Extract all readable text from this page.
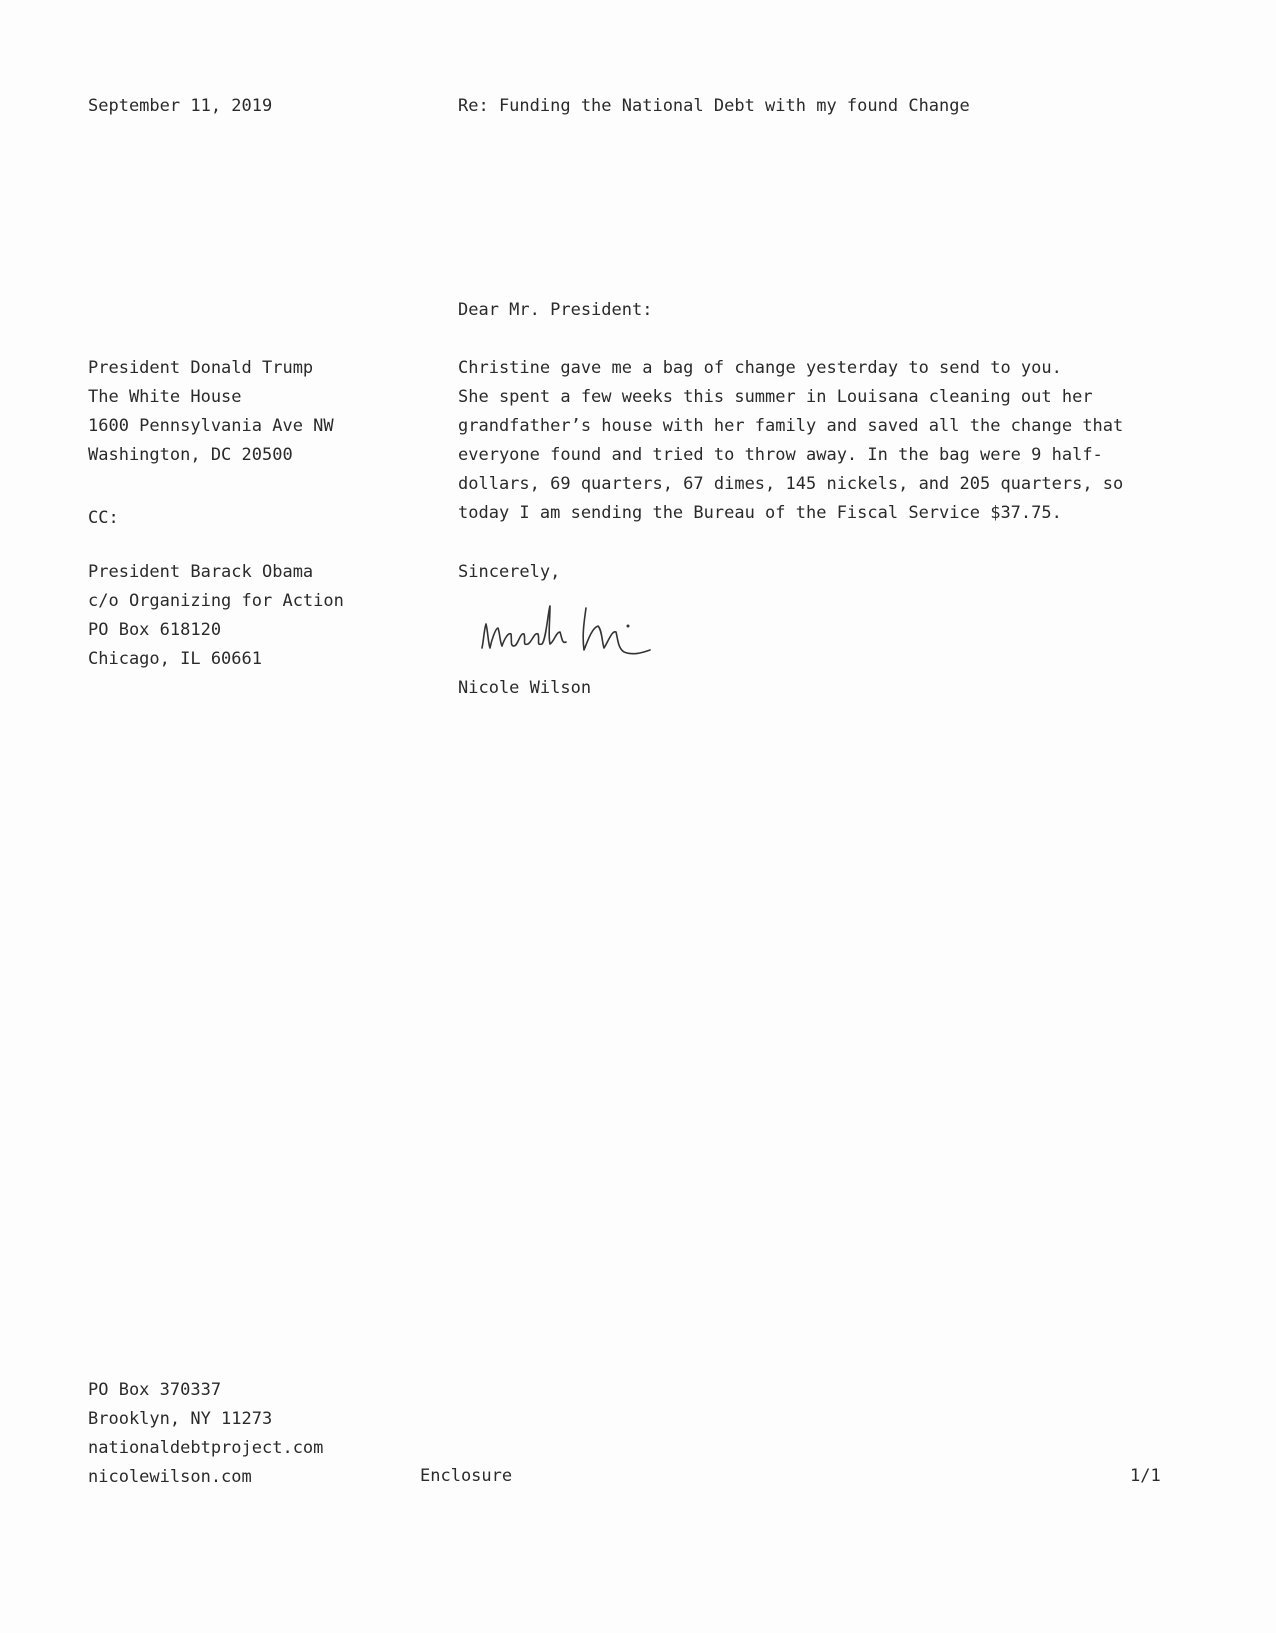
September 11, 2019	Re: Funding the National Debt with my found Change
Dear Mr. President:
President Donald Trump
The White House
1600 Pennsylvania Ave NW
Washington, DC 20500
CC:
President Barack Obama
c/o Organizing for Action
PO Box 618120
Chicago, IL 60661
Christine gave me a bag of change yesterday to send to you.
She spent a few weeks this summer in Louisana cleaning out her
grandfather’s house with her family and saved all the change that
everyone found and tried to throw away. In the bag were 9 half-
dollars, 69 quarters, 67 dimes, 145 nickels, and 205 quarters, so
today I am sending the Bureau of the Fiscal Service $37.75.
Sincerely,
Nicole Wilson
PO Box 370337
Brooklyn, NY 11273
nationaldebtproject.com
nicolewilson.com	Enclosure	1/1
